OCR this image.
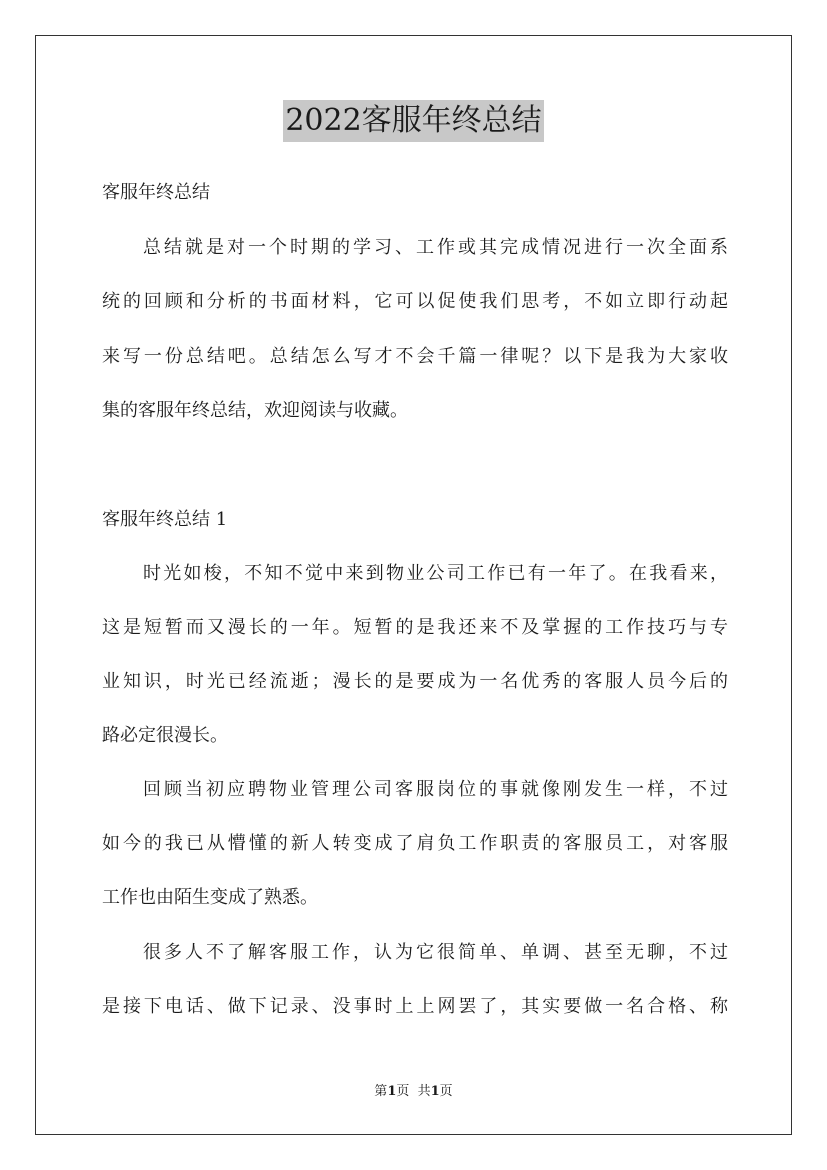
2022客服年终总结
客服年终总结
总结就是对一个时期的学习、工作或其完成情况进行一次全面系
统的回顾和分析的书面材料，它可以促使我们思考，不如立即行动起
来写一份总结吧。总结怎么写才不会千篇一律呢？以下是我为大家收
集的客服年终总结，欢迎阅读与收藏。
客服年终总结 1
时光如梭，不知不觉中来到物业公司工作已有一年了。在我看来，
这是短暂而又漫长的一年。短暂的是我还来不及掌握的工作技巧与专
业知识，时光已经流逝；漫长的是要成为一名优秀的客服人员今后的
路必定很漫长。
回顾当初应聘物业管理公司客服岗位的事就像刚发生一样，不过
如今的我已从懵懂的新人转变成了肩负工作职责的客服员工，对客服
工作也由陌生变成了熟悉。
很多人不了解客服工作，认为它很简单、单调、甚至无聊，不过
是接下电话、做下记录、没事时上上网罢了，其实要做一名合格、称
第1页  共1页
